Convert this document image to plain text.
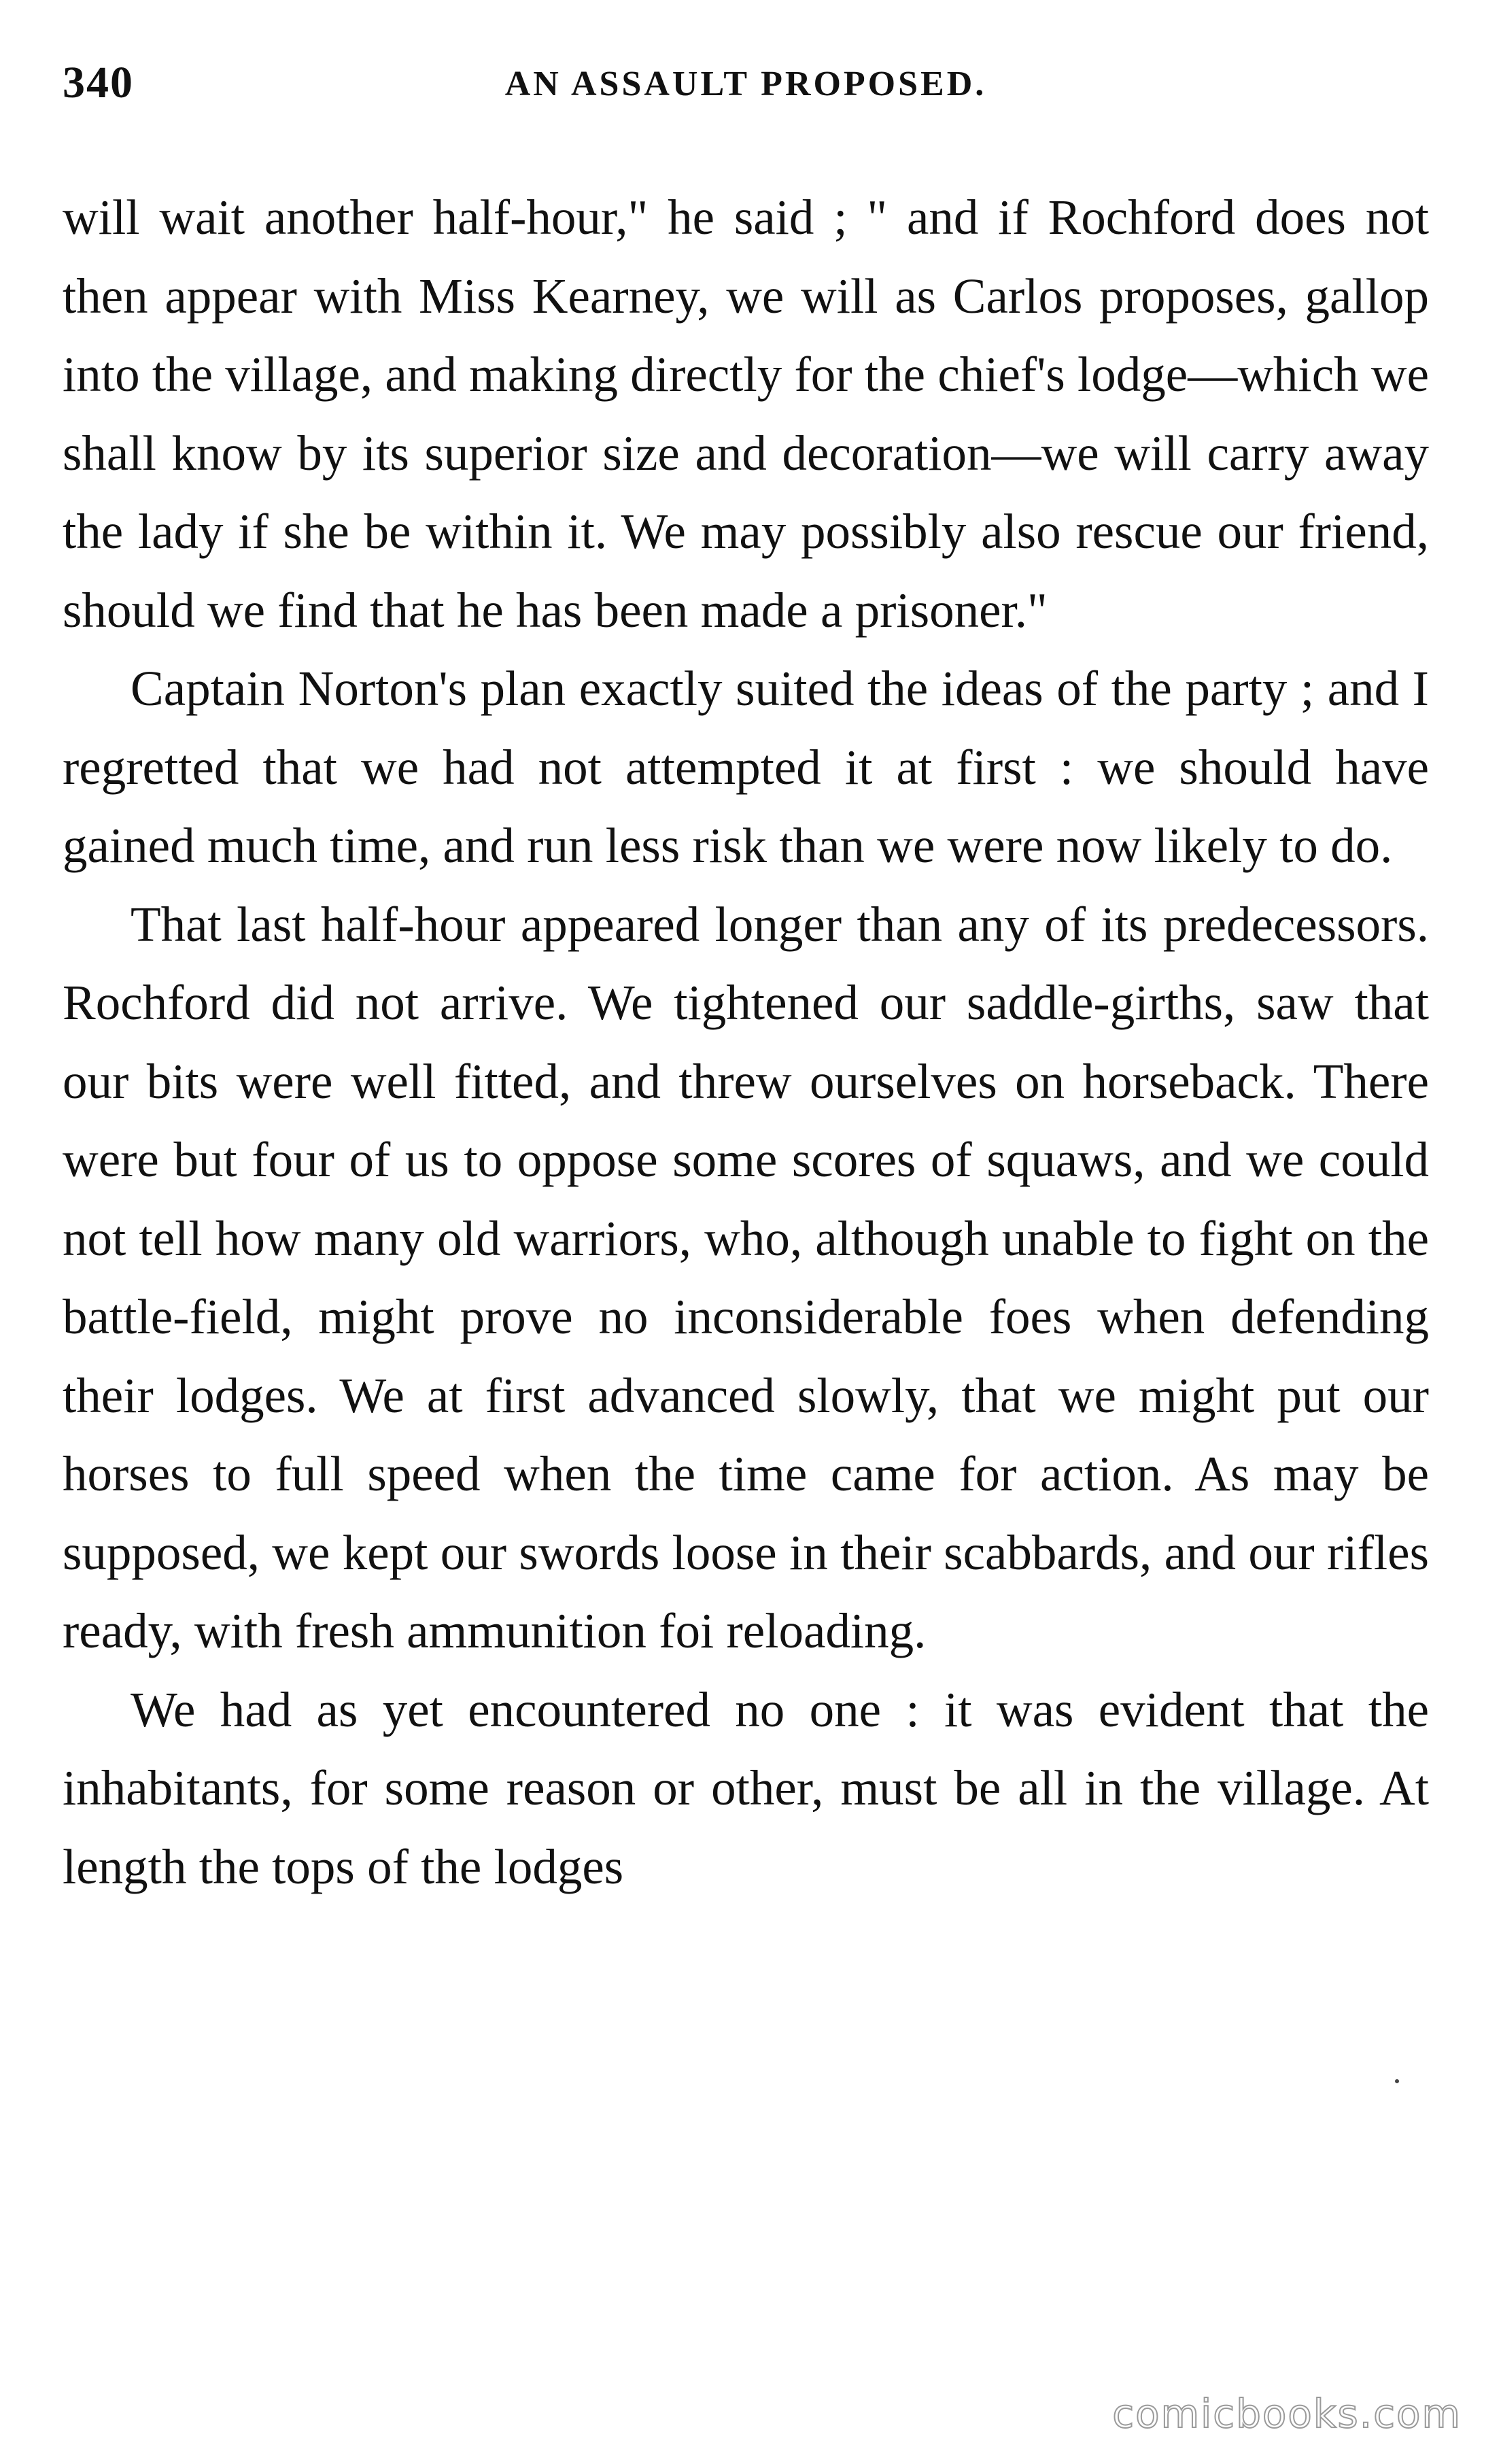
340	AN ASSAULT PROPOSED.

will wait another half-hour," he said ; " and if Rochford does not then appear with Miss Kearney, we will as Carlos proposes, gallop into the village, and making directly for the chief's lodge—which we shall know by its superior size and decoration—we will carry away the lady if she be within it. We may possibly also rescue our friend, should we find that he has been made a prisoner."

Captain Norton's plan exactly suited the ideas of the party ; and I regretted that we had not attempted it at first : we should have gained much time, and run less risk than we were now likely to do.

That last half-hour appeared longer than any of its predecessors. Rochford did not arrive. We tightened our saddle-girths, saw that our bits were well fitted, and threw ourselves on horseback. There were but four of us to oppose some scores of squaws, and we could not tell how many old warriors, who, although unable to fight on the battle-field, might prove no inconsiderable foes when defending their lodges. We at first advanced slowly, that we might put our horses to full speed when the time came for action. As may be supposed, we kept our swords loose in their scabbards, and our rifles ready, with fresh ammunition foi reloading.

We had as yet encountered no one : it was evident that the inhabitants, for some reason or other, must be all in the village. At length the tops of the lodges

comicbooks.com
